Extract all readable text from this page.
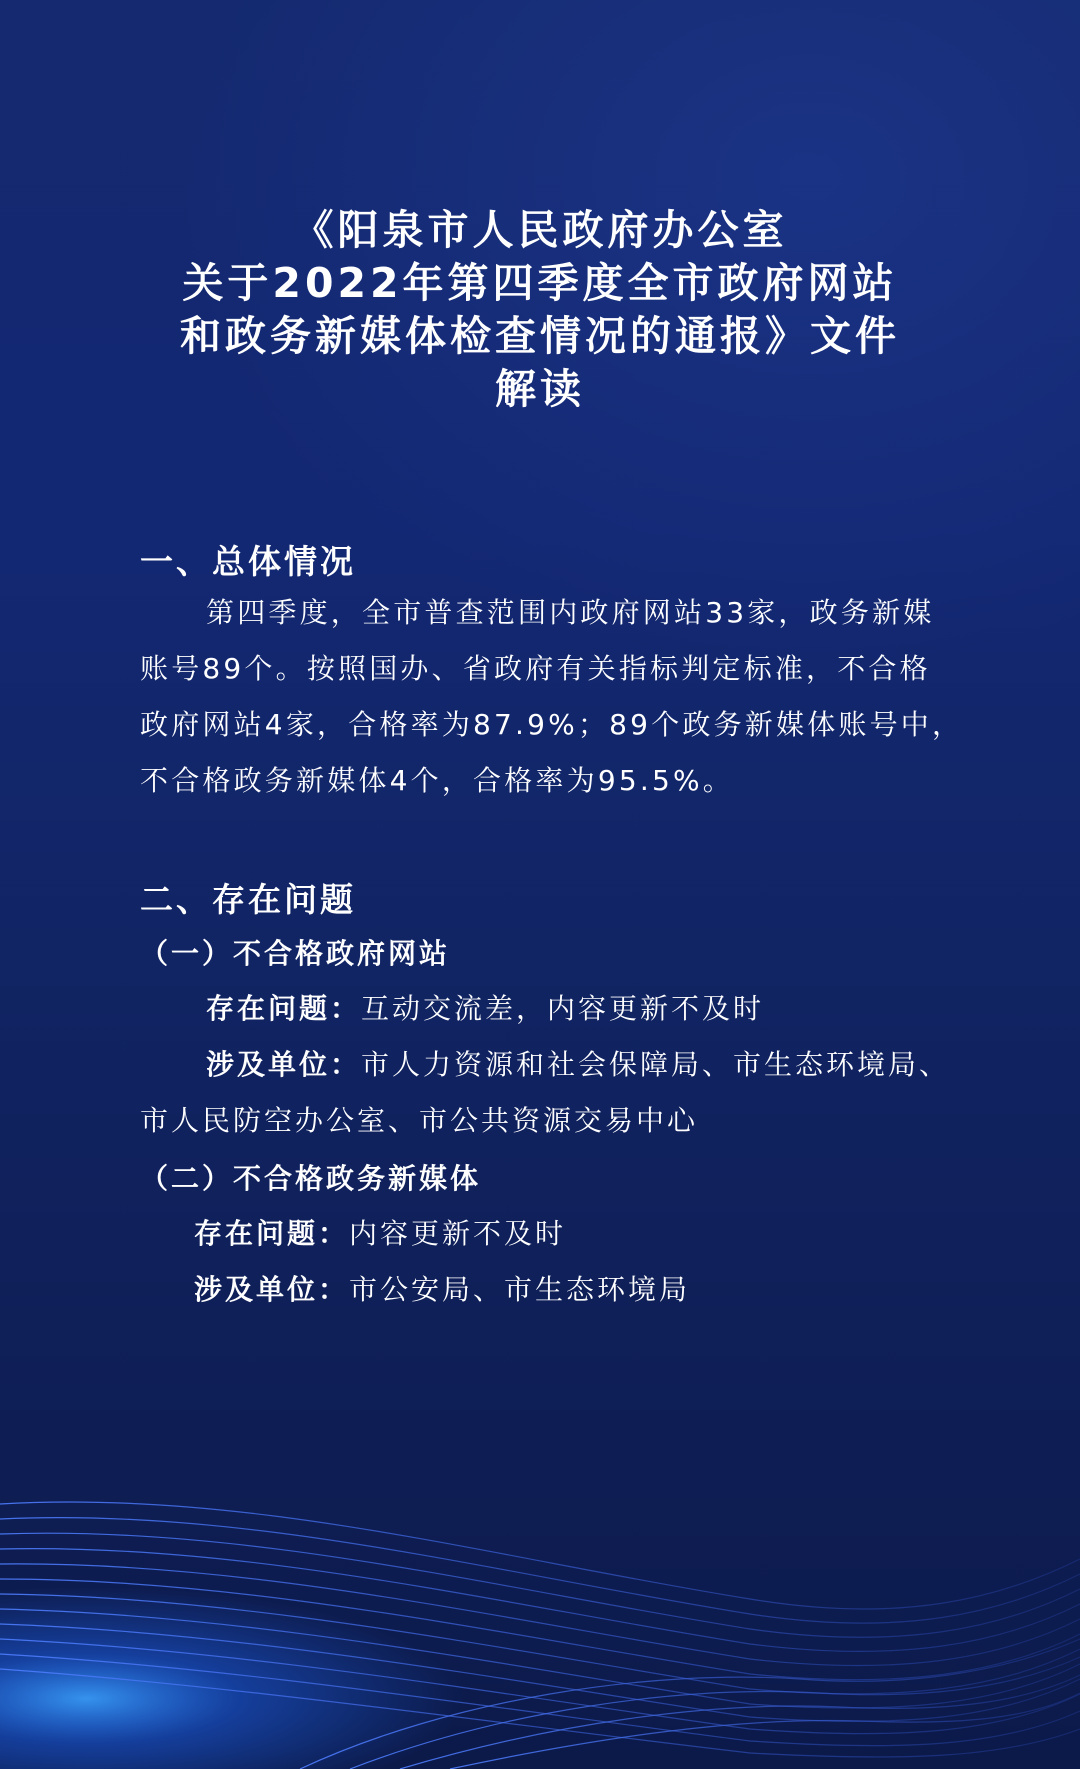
《阳泉市人民政府办公室
关于2022年第四季度全市政府网站
和政务新媒体检查情况的通报》文件
解读
一、总体情况
第四季度，全市普查范围内政府网站33家，政务新媒
账号89个。按照国办、省政府有关指标判定标准，不合格
政府网站4家，合格率为87.9%；89个政务新媒体账号中，
不合格政务新媒体4个，合格率为95.5%。
二、存在问题
（一）不合格政府网站
存在问题：互动交流差，内容更新不及时
涉及单位：市人力资源和社会保障局、市生态环境局、
市人民防空办公室、市公共资源交易中心
（二）不合格政务新媒体
存在问题：内容更新不及时
涉及单位：市公安局、市生态环境局
